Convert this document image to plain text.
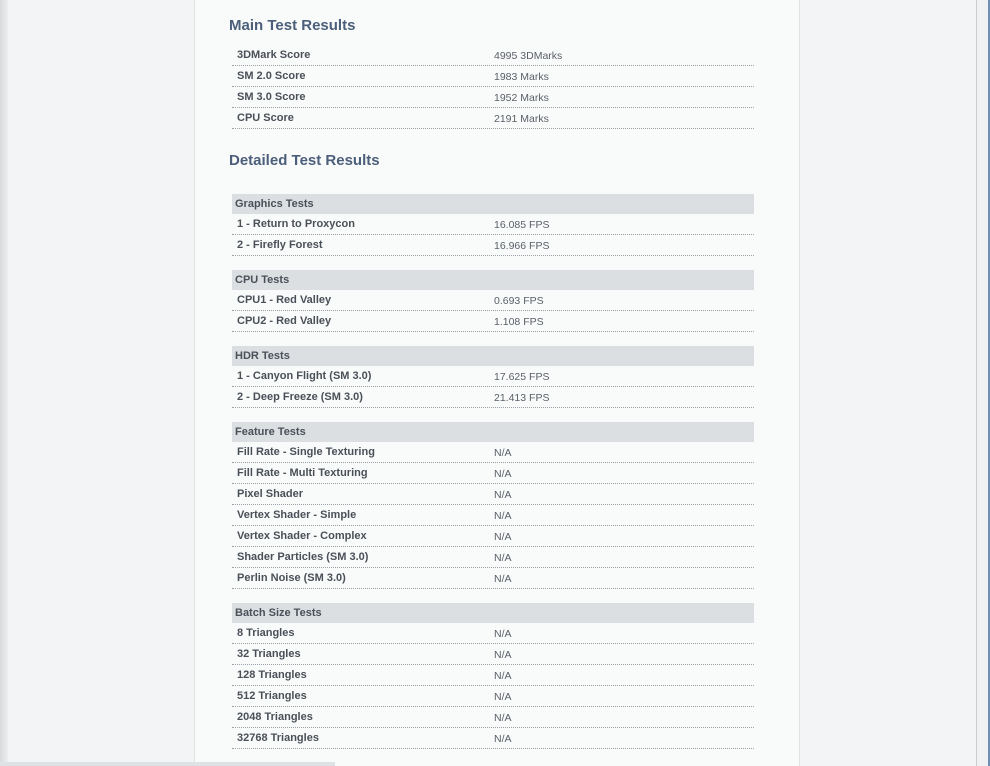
Main Test Results
3DMark Score	4995 3DMarks
SM 2.0 Score	1983 Marks
SM 3.0 Score	1952 Marks
CPU Score	2191 Marks
Detailed Test Results
Graphics Tests
1 - Return to Proxycon	16.085 FPS
2 - Firefly Forest	16.966 FPS
CPU Tests
CPU1 - Red Valley	0.693 FPS
CPU2 - Red Valley	1.108 FPS
HDR Tests
1 - Canyon Flight (SM 3.0)	17.625 FPS
2 - Deep Freeze (SM 3.0)	21.413 FPS
Feature Tests
Fill Rate - Single Texturing	N/A
Fill Rate - Multi Texturing	N/A
Pixel Shader	N/A
Vertex Shader - Simple	N/A
Vertex Shader - Complex	N/A
Shader Particles (SM 3.0)	N/A
Perlin Noise (SM 3.0)	N/A
Batch Size Tests
8 Triangles	N/A
32 Triangles	N/A
128 Triangles	N/A
512 Triangles	N/A
2048 Triangles	N/A
32768 Triangles	N/A
